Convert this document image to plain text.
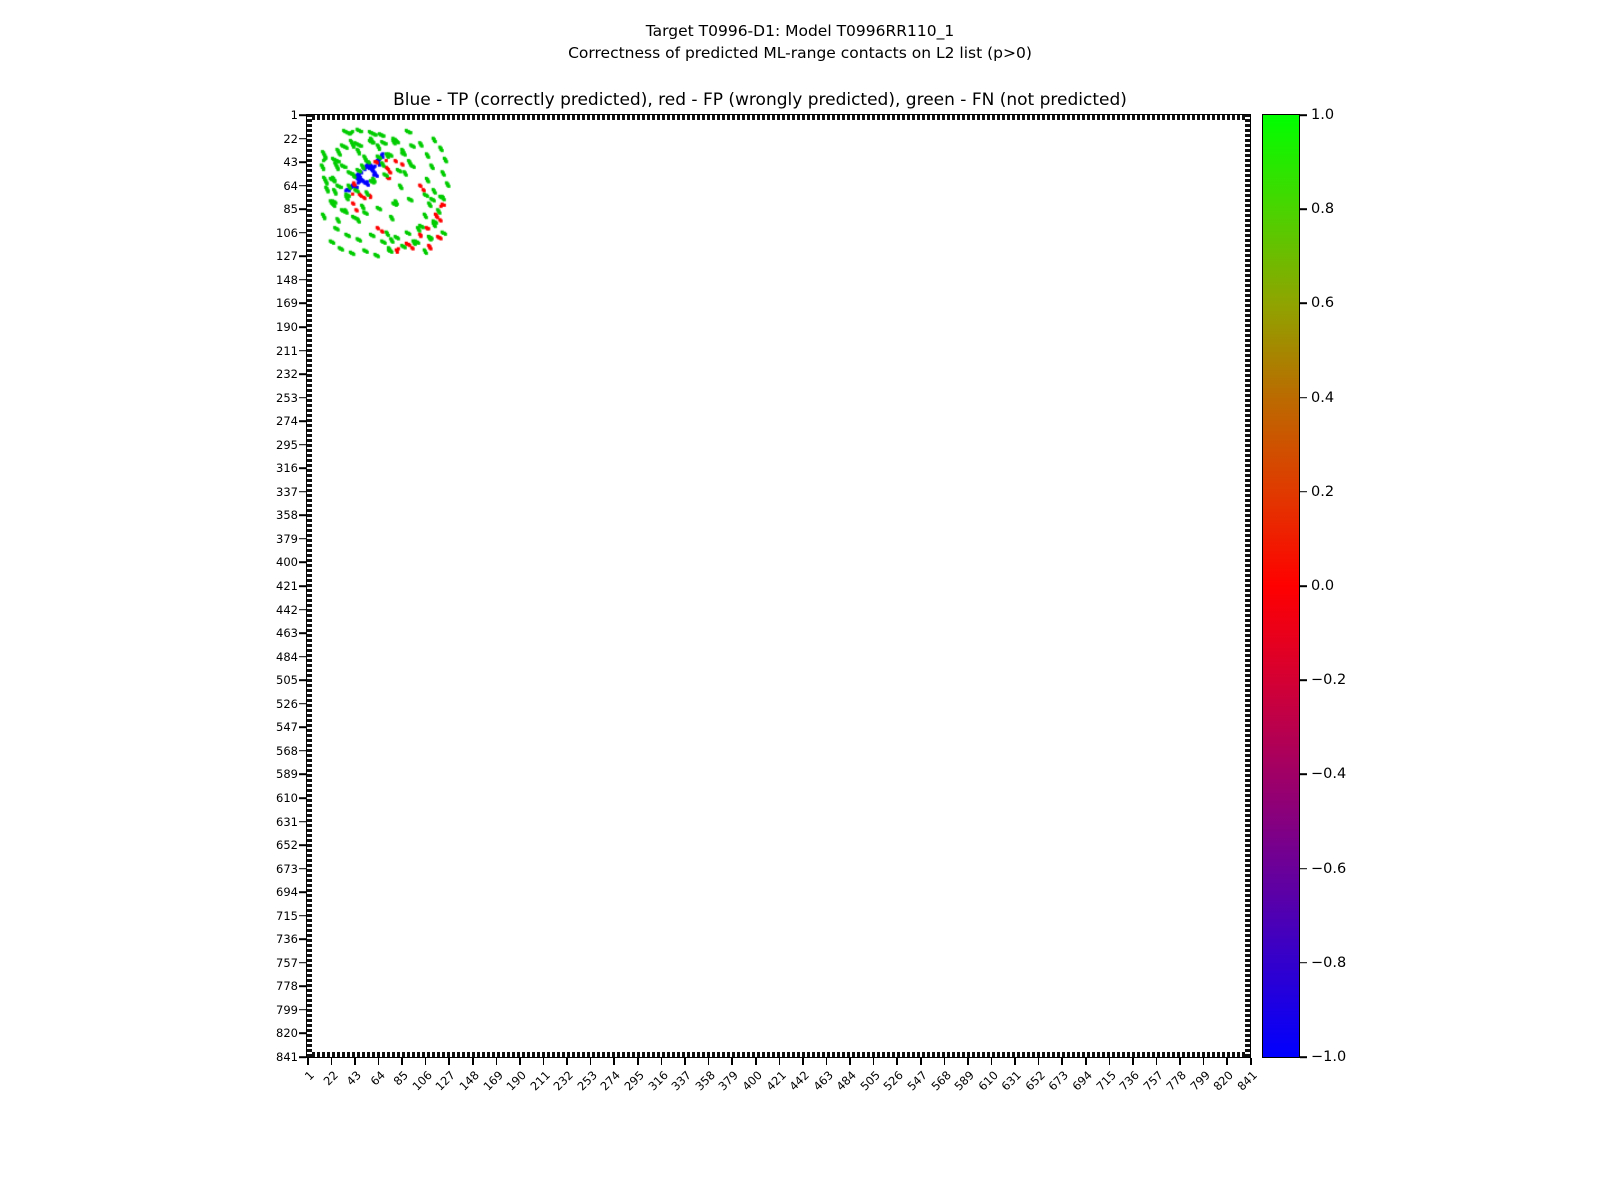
Target T0996-D1: Model T0996RR110_1
Correctness of predicted ML-range contacts on L2 list (p>0)
Blue - TP (correctly predicted), red - FP (wrongly predicted), green - FN (not predicted)
1
22
43
64
85
106
127
148
169
190
211
232
253
274
295
316
337
358
379
400
421
442
463
484
505
526
547
568
589
610
631
652
673
694
715
736
757
778
799
820
841
1 22 43 64 85
106
127
148
169
190
211
232
253
274
295
316
337
358
379
400
421
442
463
484
505
526
547
568
589
610
631
652
673
694
715
736
757
778
799
820
841
−1.0
−0.8
−0.6
−0.4
−0.2
0.0
0.2
0.4
0.6
0.8
1.0
